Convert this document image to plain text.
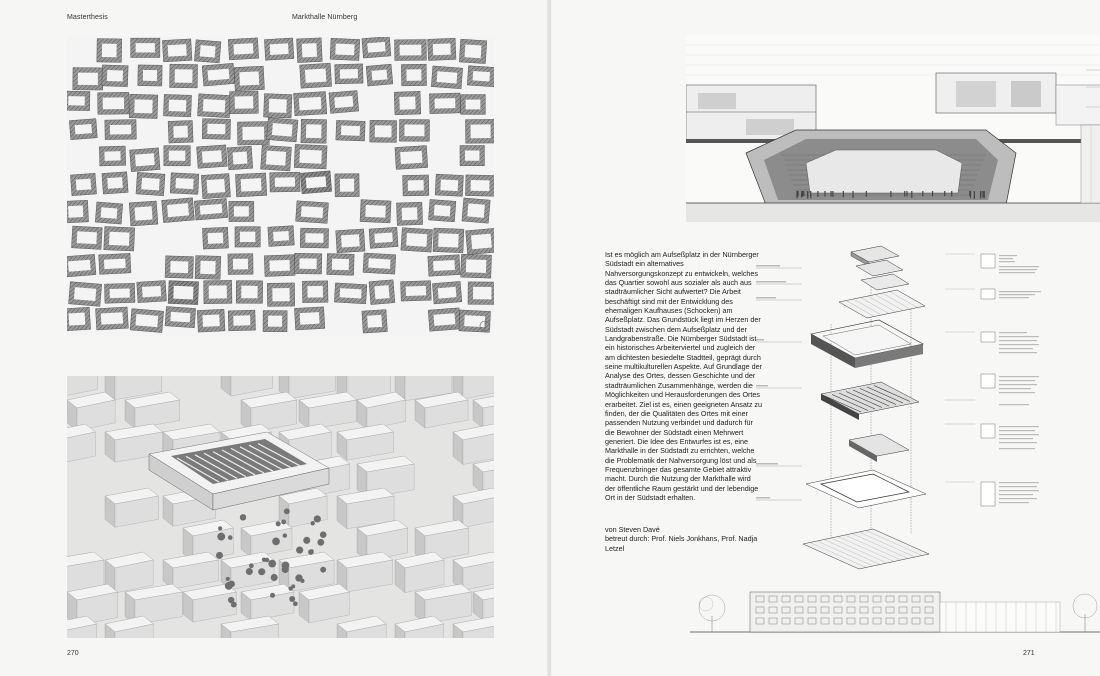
Masterthesis	Markthalle Nürnberg
270	271

Ist es möglich am Aufseßplatz in der Nürnberger Südstadt ein alternatives Nahversorgungskonzept zu entwickeln, welches das Quartier sowohl aus sozialer als auch aus stadträumlicher Sicht aufwertet? Die Arbeit beschäftigt sind mit der Entwicklung des ehemaligen Kaufhauses (Schocken) am Aufseßplatz. Das Grundstück liegt im Herzen der Südstadt zwischen dem Aufseßplatz und der Landgrabenstraße. Die Nürnberger Südstadt ist ein historisches Arbeiterviertel und zugleich der am dichtesten besiedelte Stadtteil, geprägt durch seine multikulturellen Aspekte. Auf Grundlage der Analyse des Ortes, dessen Geschichte und der stadträumlichen Zusammenhänge, werden die Möglichkeiten und Herausforderungen des Ortes erarbeitet. Ziel ist es, einen geeigneten Ansatz zu finden, der die Qualitäten des Ortes mit einer passenden Nutzung verbindet und dadurch für die Bewohner der Südstadt einen Mehrwert generiert. Die Idee des Entwurfes ist es, eine Markthalle in der Südstadt zu errichten, welche die Problematik der Nahversorgung löst und als Frequenzbringer das gesamte Gebiet attraktiv macht. Durch die Nutzung der Markthalle wird der öffentliche Raum gestärkt und der lebendige Ort in der Südstadt erhalten.

von Steven Davé
betreut durch: Prof. Niels Jonkhans, Prof. Nadja Letzel
